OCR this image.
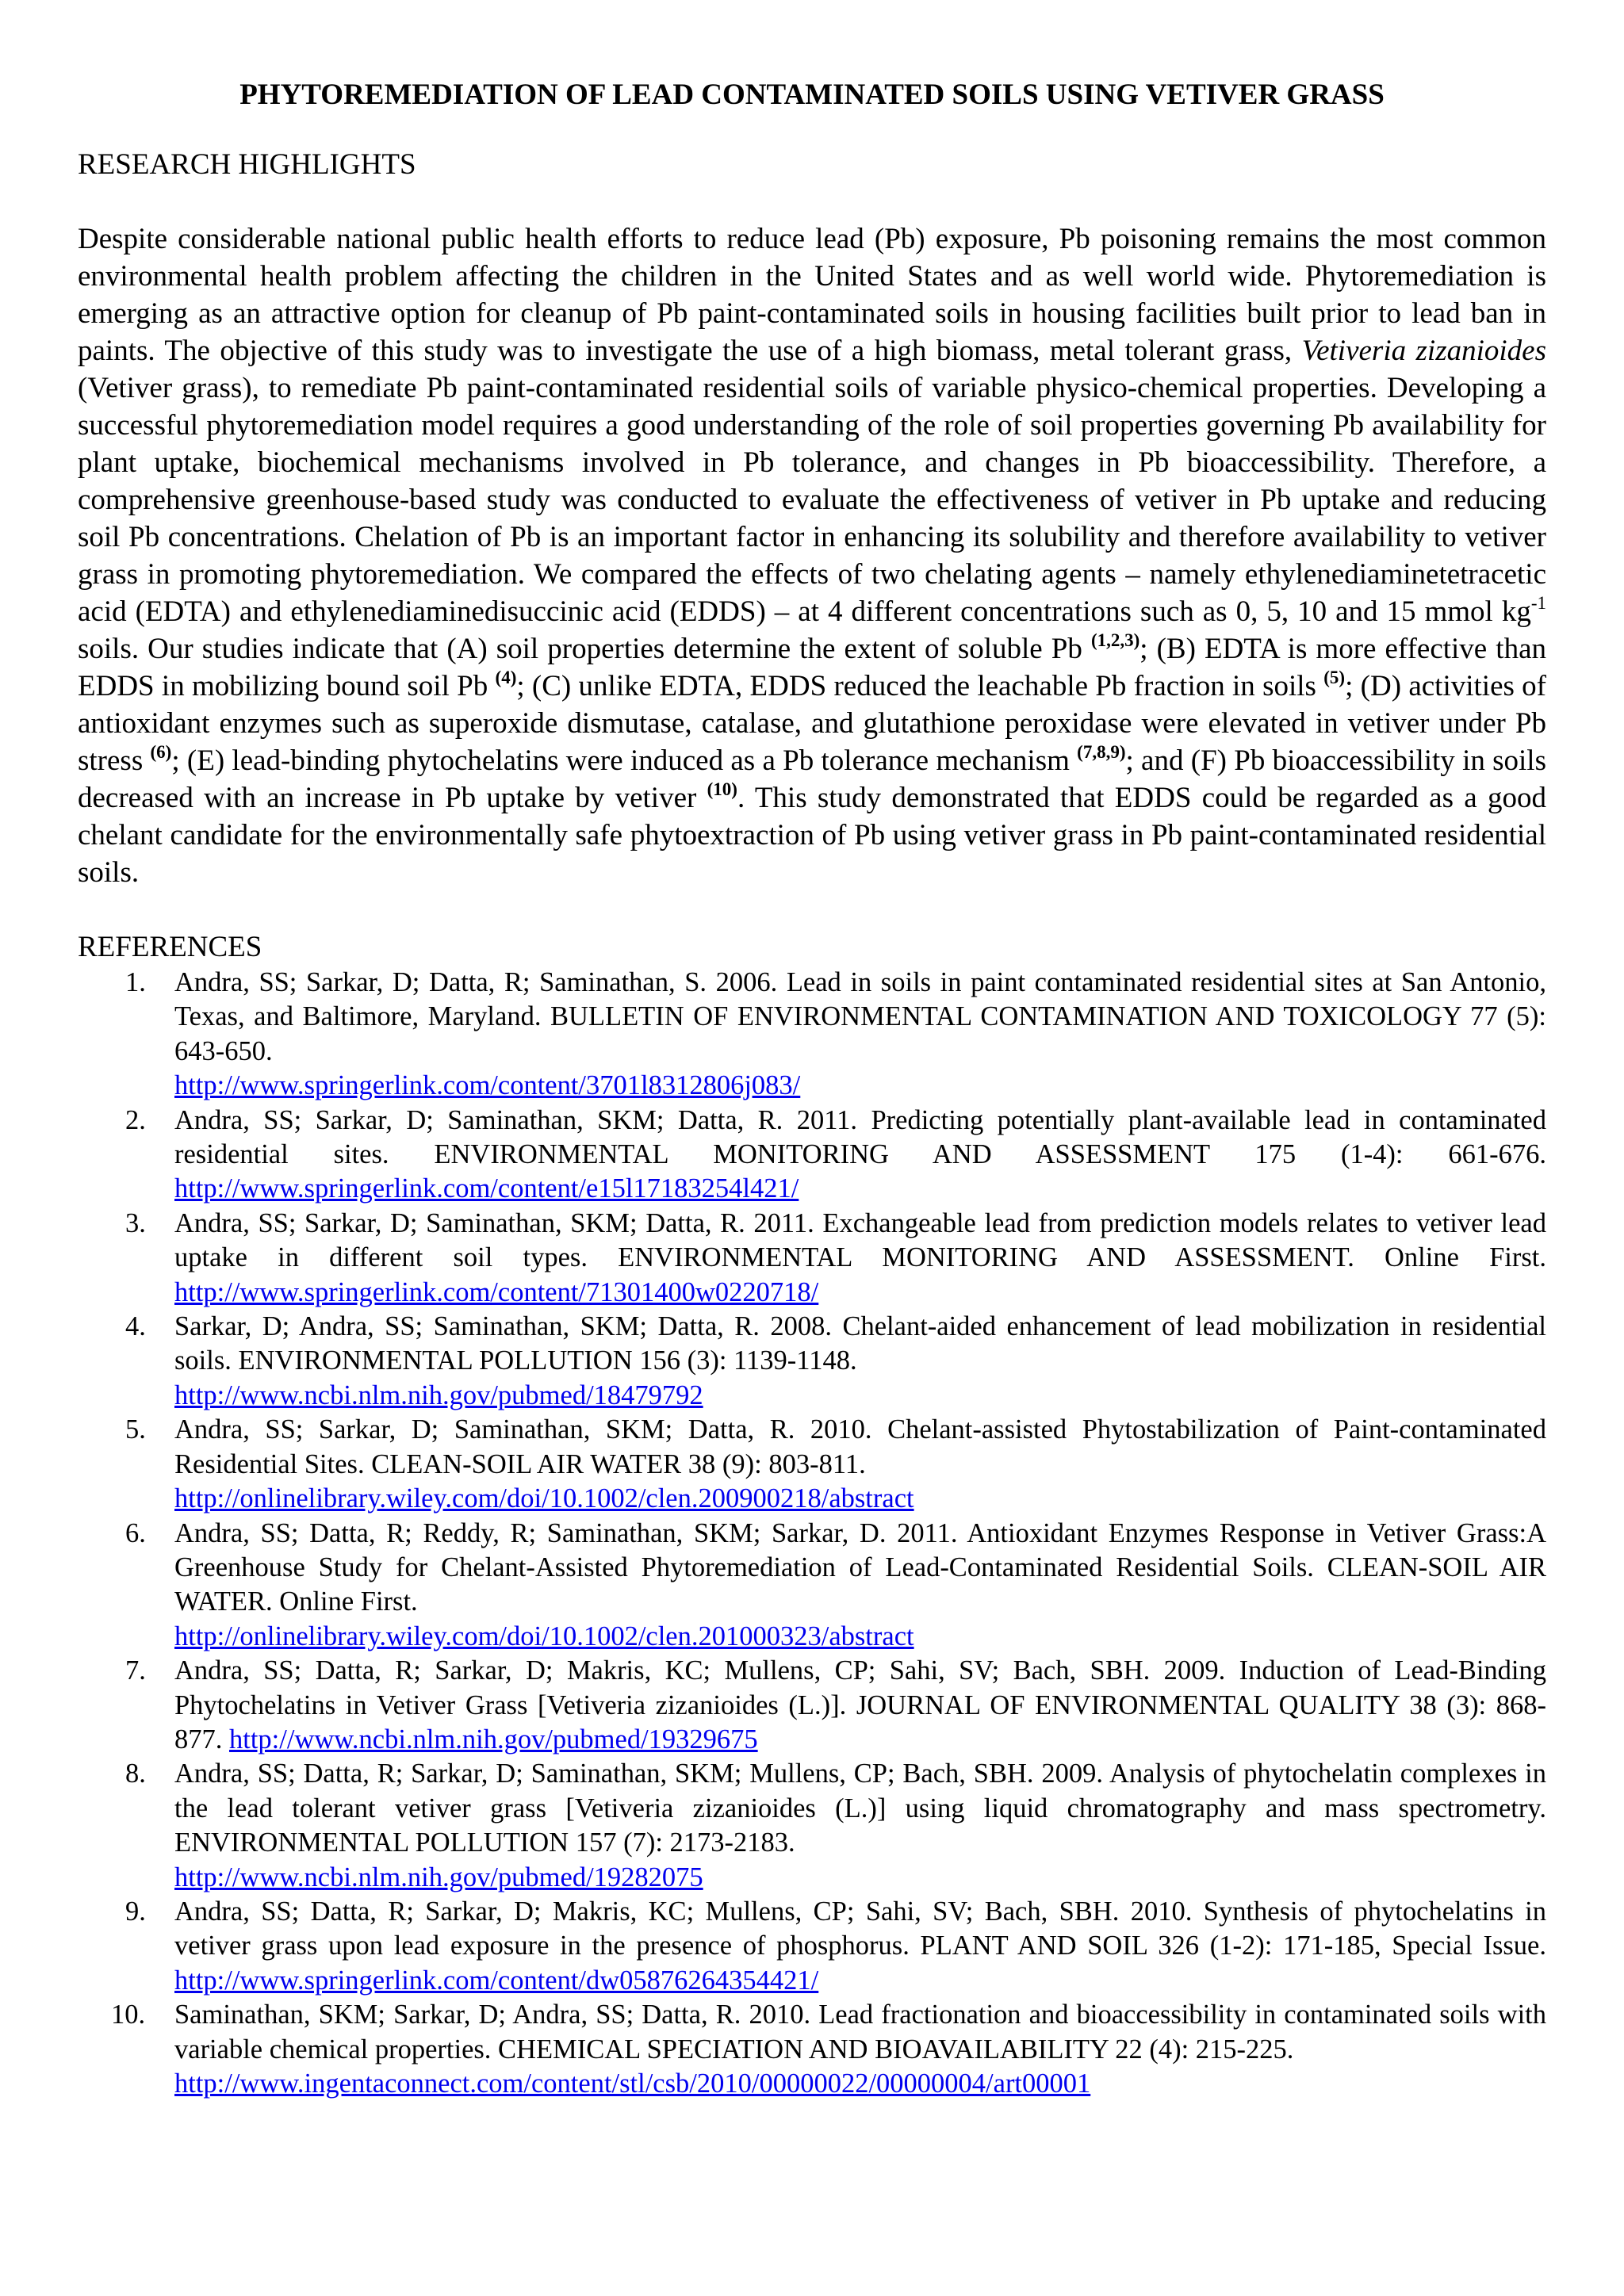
PHYTOREMEDIATION OF LEAD CONTAMINATED SOILS USING VETIVER GRASS
RESEARCH HIGHLIGHTS

Despite considerable national public health efforts to reduce lead (Pb) exposure, Pb poisoning remains the most common environmental health problem affecting the children in the United States and as well world wide. Phytoremediation is emerging as an attractive option for cleanup of Pb paint-contaminated soils in housing facilities built prior to lead ban in paints. The objective of this study was to investigate the use of a high biomass, metal tolerant grass, Vetiveria zizanioides (Vetiver grass), to remediate Pb paint-contaminated residential soils of variable physico-chemical properties. Developing a successful phytoremediation model requires a good understanding of the role of soil properties governing Pb availability for plant uptake, biochemical mechanisms involved in Pb tolerance, and changes in Pb bioaccessibility. Therefore, a comprehensive greenhouse-based study was conducted to evaluate the effectiveness of vetiver in Pb uptake and reducing soil Pb concentrations. Chelation of Pb is an important factor in enhancing its solubility and therefore availability to vetiver grass in promoting phytoremediation. We compared the effects of two chelating agents – namely ethylenediaminetetracetic acid (EDTA) and ethylenediaminedisuccinic acid (EDDS) – at 4 different concentrations such as 0, 5, 10 and 15 mmol $kg^{-1}$ soils. Our studies indicate that (A) soil properties determine the extent of soluble Pb $^{(1,2,3)}$; (B) EDTA is more effective than EDDS in mobilizing bound soil Pb $^{(4)}$; (C) unlike EDTA, EDDS reduced the leachable Pb fraction in soils $^{(5)}$; (D) activities of antioxidant enzymes such as superoxide dismutase, catalase, and glutathione peroxidase were elevated in vetiver under Pb stress $^{(6)}$; (E) lead-binding phytochelatins were induced as a Pb tolerance mechanism $^{(7,8,9)}$; and (F) Pb bioaccessibility in soils decreased with an increase in Pb uptake by vetiver $^{(10)}$. This study demonstrated that EDDS could be regarded as a good chelant candidate for the environmentally safe phytoextraction of Pb using vetiver grass in Pb paint-contaminated residential soils.

REFERENCES
1.	Andra, SS; Sarkar, D; Datta, R; Saminathan, S. 2006. Lead in soils in paint contaminated residential sites at San Antonio, Texas, and Baltimore, Maryland. BULLETIN OF ENVIRONMENTAL CONTAMINATION AND TOXICOLOGY 77 (5): 643-650.
http://www.springerlink.com/content/3701l8312806j083/
2.	Andra, SS; Sarkar, D; Saminathan, SKM; Datta, R. 2011. Predicting potentially plant-available lead in contaminated residential sites. ENVIRONMENTAL MONITORING AND ASSESSMENT 175 (1-4): 661-676. http://www.springerlink.com/content/e15l17183254l421/
3.	Andra, SS; Sarkar, D; Saminathan, SKM; Datta, R. 2011. Exchangeable lead from prediction models relates to vetiver lead uptake in different soil types. ENVIRONMENTAL MONITORING AND ASSESSMENT. Online First. http://www.springerlink.com/content/71301400w0220718/
4.	Sarkar, D; Andra, SS; Saminathan, SKM; Datta, R. 2008. Chelant-aided enhancement of lead mobilization in residential soils. ENVIRONMENTAL POLLUTION 156 (3): 1139-1148.
http://www.ncbi.nlm.nih.gov/pubmed/18479792
5.	Andra, SS; Sarkar, D; Saminathan, SKM; Datta, R. 2010. Chelant-assisted Phytostabilization of Paint-contaminated Residential Sites. CLEAN-SOIL AIR WATER 38 (9): 803-811.
http://onlinelibrary.wiley.com/doi/10.1002/clen.200900218/abstract
6.	Andra, SS; Datta, R; Reddy, R; Saminathan, SKM; Sarkar, D. 2011. Antioxidant Enzymes Response in Vetiver Grass:A Greenhouse Study for Chelant-Assisted Phytoremediation of Lead-Contaminated Residential Soils. CLEAN-SOIL AIR WATER. Online First.
http://onlinelibrary.wiley.com/doi/10.1002/clen.201000323/abstract
7.	Andra, SS; Datta, R; Sarkar, D; Makris, KC; Mullens, CP; Sahi, SV; Bach, SBH. 2009. Induction of Lead-Binding Phytochelatins in Vetiver Grass [Vetiveria zizanioides (L.)]. JOURNAL OF ENVIRONMENTAL QUALITY 38 (3): 868-877. http://www.ncbi.nlm.nih.gov/pubmed/19329675
8.	Andra, SS; Datta, R; Sarkar, D; Saminathan, SKM; Mullens, CP; Bach, SBH. 2009. Analysis of phytochelatin complexes in the lead tolerant vetiver grass [Vetiveria zizanioides (L.)] using liquid chromatography and mass spectrometry. ENVIRONMENTAL POLLUTION 157 (7): 2173-2183.
http://www.ncbi.nlm.nih.gov/pubmed/19282075
9.	Andra, SS; Datta, R; Sarkar, D; Makris, KC; Mullens, CP; Sahi, SV; Bach, SBH. 2010. Synthesis of phytochelatins in vetiver grass upon lead exposure in the presence of phosphorus. PLANT AND SOIL 326 (1-2): 171-185, Special Issue. http://www.springerlink.com/content/dw05876264354421/
10.	Saminathan, SKM; Sarkar, D; Andra, SS; Datta, R. 2010. Lead fractionation and bioaccessibility in contaminated soils with variable chemical properties. CHEMICAL SPECIATION AND BIOAVAILABILITY 22 (4): 215-225.
http://www.ingentaconnect.com/content/stl/csb/2010/00000022/00000004/art00001
